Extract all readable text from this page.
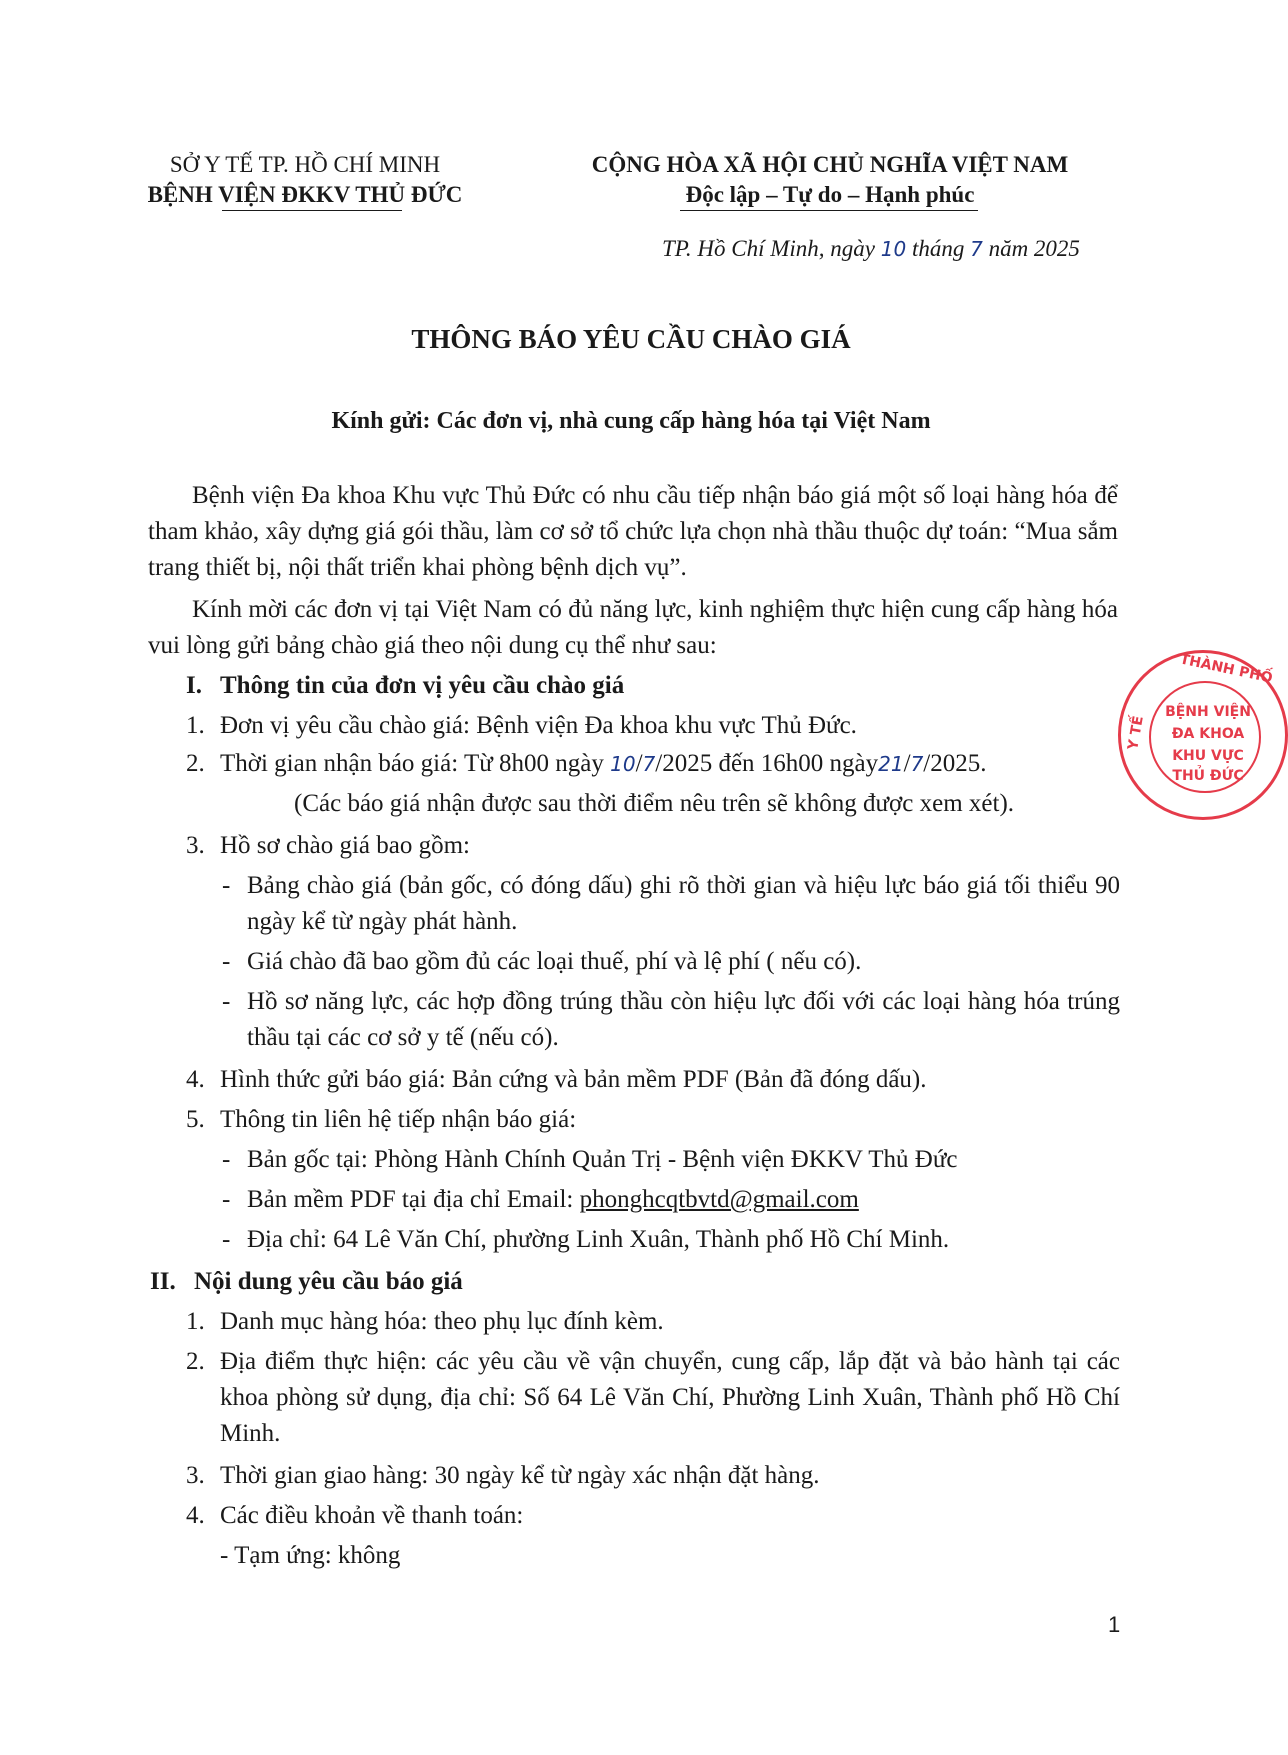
SỞ Y TẾ TP. HỒ CHÍ MINH
BỆNH VIỆN ĐKKV THỦ ĐỨC
CỘNG HÒA XÃ HỘI CHỦ NGHĨA VIỆT NAM
Độc lập – Tự do – Hạnh phúc
TP. Hồ Chí Minh, ngày 10 tháng 7 năm 2025
THÔNG BÁO YÊU CẦU CHÀO GIÁ
Kính gửi: Các đơn vị, nhà cung cấp hàng hóa tại Việt Nam
Bệnh viện Đa khoa Khu vực Thủ Đức có nhu cầu tiếp nhận báo giá một số loại hàng hóa để tham khảo, xây dựng giá gói thầu, làm cơ sở tổ chức lựa chọn nhà thầu thuộc dự toán: “Mua sắm trang thiết bị, nội thất triển khai phòng bệnh dịch vụ”.
Kính mời các đơn vị tại Việt Nam có đủ năng lực, kinh nghiệm thực hiện cung cấp hàng hóa vui lòng gửi bảng chào giá theo nội dung cụ thể như sau:
I. Thông tin của đơn vị yêu cầu chào giá
1. Đơn vị yêu cầu chào giá: Bệnh viện Đa khoa khu vực Thủ Đức.
2. Thời gian nhận báo giá: Từ 8h00 ngày 10/7/2025 đến 16h00 ngày21/7/2025.
(Các báo giá nhận được sau thời điểm nêu trên sẽ không được xem xét).
3. Hồ sơ chào giá bao gồm:
- Bảng chào giá (bản gốc, có đóng dấu) ghi rõ thời gian và hiệu lực báo giá tối thiểu 90 ngày kể từ ngày phát hành.
- Giá chào đã bao gồm đủ các loại thuế, phí và lệ phí ( nếu có).
- Hồ sơ năng lực, các hợp đồng trúng thầu còn hiệu lực đối với các loại hàng hóa trúng thầu tại các cơ sở y tế (nếu có).
4. Hình thức gửi báo giá: Bản cứng và bản mềm PDF (Bản đã đóng dấu).
5. Thông tin liên hệ tiếp nhận báo giá:
- Bản gốc tại: Phòng Hành Chính Quản Trị - Bệnh viện ĐKKV Thủ Đức
- Bản mềm PDF tại địa chỉ Email: phonghcqtbvtd@gmail.com
- Địa chỉ: 64 Lê Văn Chí, phường Linh Xuân, Thành phố Hồ Chí Minh.
II. Nội dung yêu cầu báo giá
1. Danh mục hàng hóa: theo phụ lục đính kèm.
2. Địa điểm thực hiện: các yêu cầu về vận chuyển, cung cấp, lắp đặt và bảo hành tại các khoa phòng sử dụng, địa chỉ: Số 64 Lê Văn Chí, Phường Linh Xuân, Thành phố Hồ Chí Minh.
3. Thời gian giao hàng: 30 ngày kể từ ngày xác nhận đặt hàng.
4. Các điều khoản về thanh toán:
- Tạm ứng: không
1
THÀNH PHỐ
Y TẾ
BỆNH VIỆN
ĐA KHOA
KHU VỰC
THỦ ĐỨC
